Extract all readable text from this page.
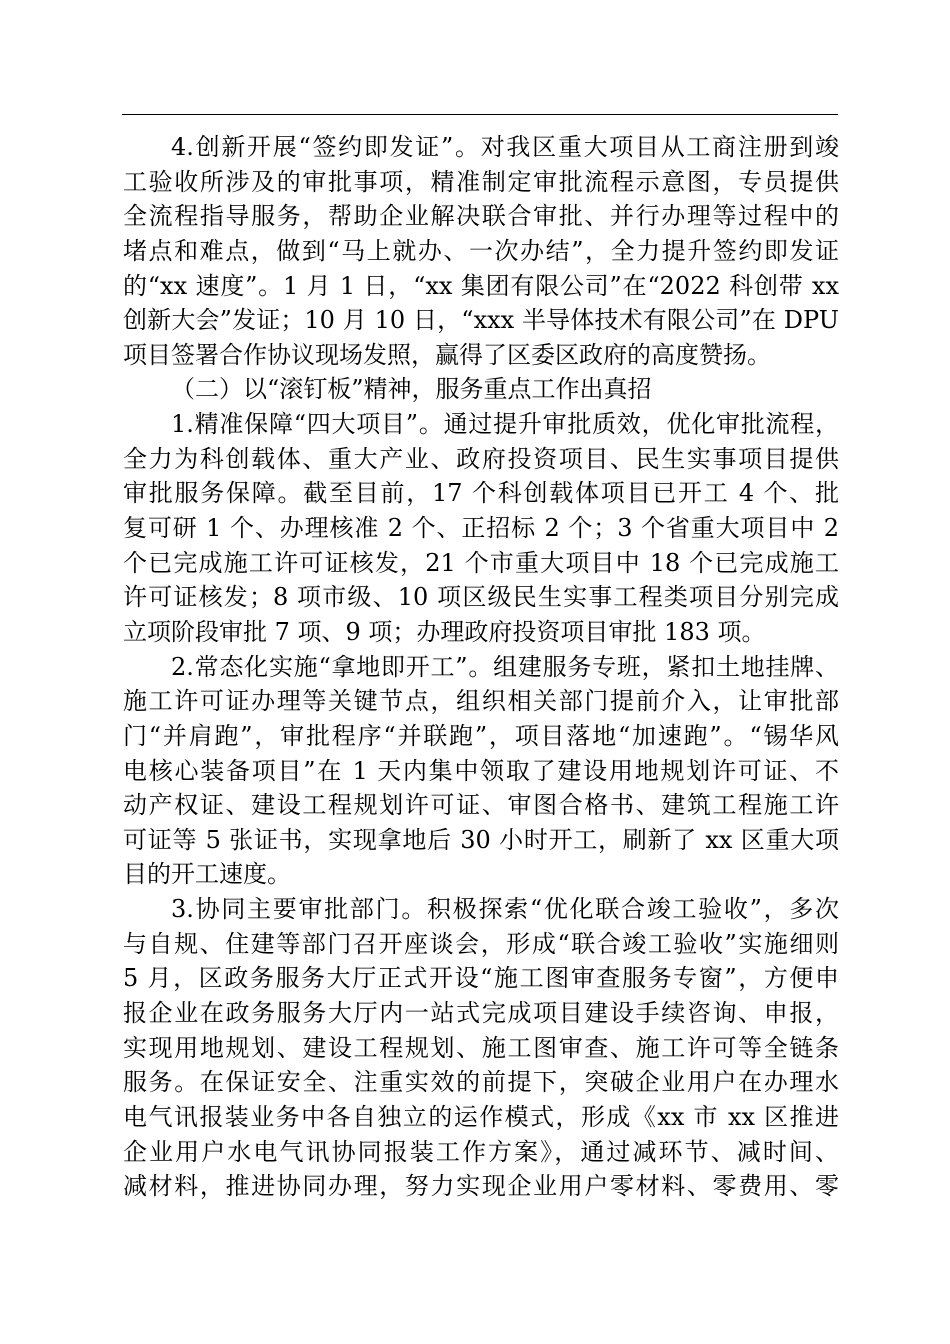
4.创新开展“签约即发证”。对我区重大项目从工商注册到竣
工验收所涉及的审批事项，精准制定审批流程示意图，专员提供
全流程指导服务，帮助企业解决联合审批、并行办理等过程中的
堵点和难点，做到“马上就办、一次办结”，全力提升签约即发证
的“xx 速度”。1 月 1 日，“xx 集团有限公司”在“2022 科创带 xx
创新大会”发证；10 月 10 日，“xxx 半导体技术有限公司”在 DPU
项目签署合作协议现场发照，赢得了区委区政府的高度赞扬。
（二）以“滚钉板”精神，服务重点工作出真招
1.精准保障“四大项目”。通过提升审批质效，优化审批流程，
全力为科创载体、重大产业、政府投资项目、民生实事项目提供
审批服务保障。截至目前，17 个科创载体项目已开工 4 个、批
复可研 1 个、办理核准 2 个、正招标 2 个；3 个省重大项目中 2
个已完成施工许可证核发，21 个市重大项目中 18 个已完成施工
许可证核发；8 项市级、10 项区级民生实事工程类项目分别完成
立项阶段审批 7 项、9 项；办理政府投资项目审批 183 项。
2.常态化实施“拿地即开工”。组建服务专班，紧扣土地挂牌、
施工许可证办理等关键节点，组织相关部门提前介入，让审批部
门“并肩跑”，审批程序“并联跑”，项目落地“加速跑”。“锡华风
电核心装备项目”在 1 天内集中领取了建设用地规划许可证、不
动产权证、建设工程规划许可证、审图合格书、建筑工程施工许
可证等 5 张证书，实现拿地后 30 小时开工，刷新了 xx 区重大项
目的开工速度。
3.协同主要审批部门。积极探索“优化联合竣工验收”，多次
与自规、住建等部门召开座谈会，形成“联合竣工验收”实施细则
5 月，区政务服务大厅正式开设“施工图审查服务专窗”，方便申
报企业在政务服务大厅内一站式完成项目建设手续咨询、申报，
实现用地规划、建设工程规划、施工图审查、施工许可等全链条
服务。在保证安全、注重实效的前提下，突破企业用户在办理水
电气讯报装业务中各自独立的运作模式，形成《xx 市 xx 区推进
企业用户水电气讯协同报装工作方案》，通过减环节、减时间、
减材料，推进协同办理，努力实现企业用户零材料、零费用、零
